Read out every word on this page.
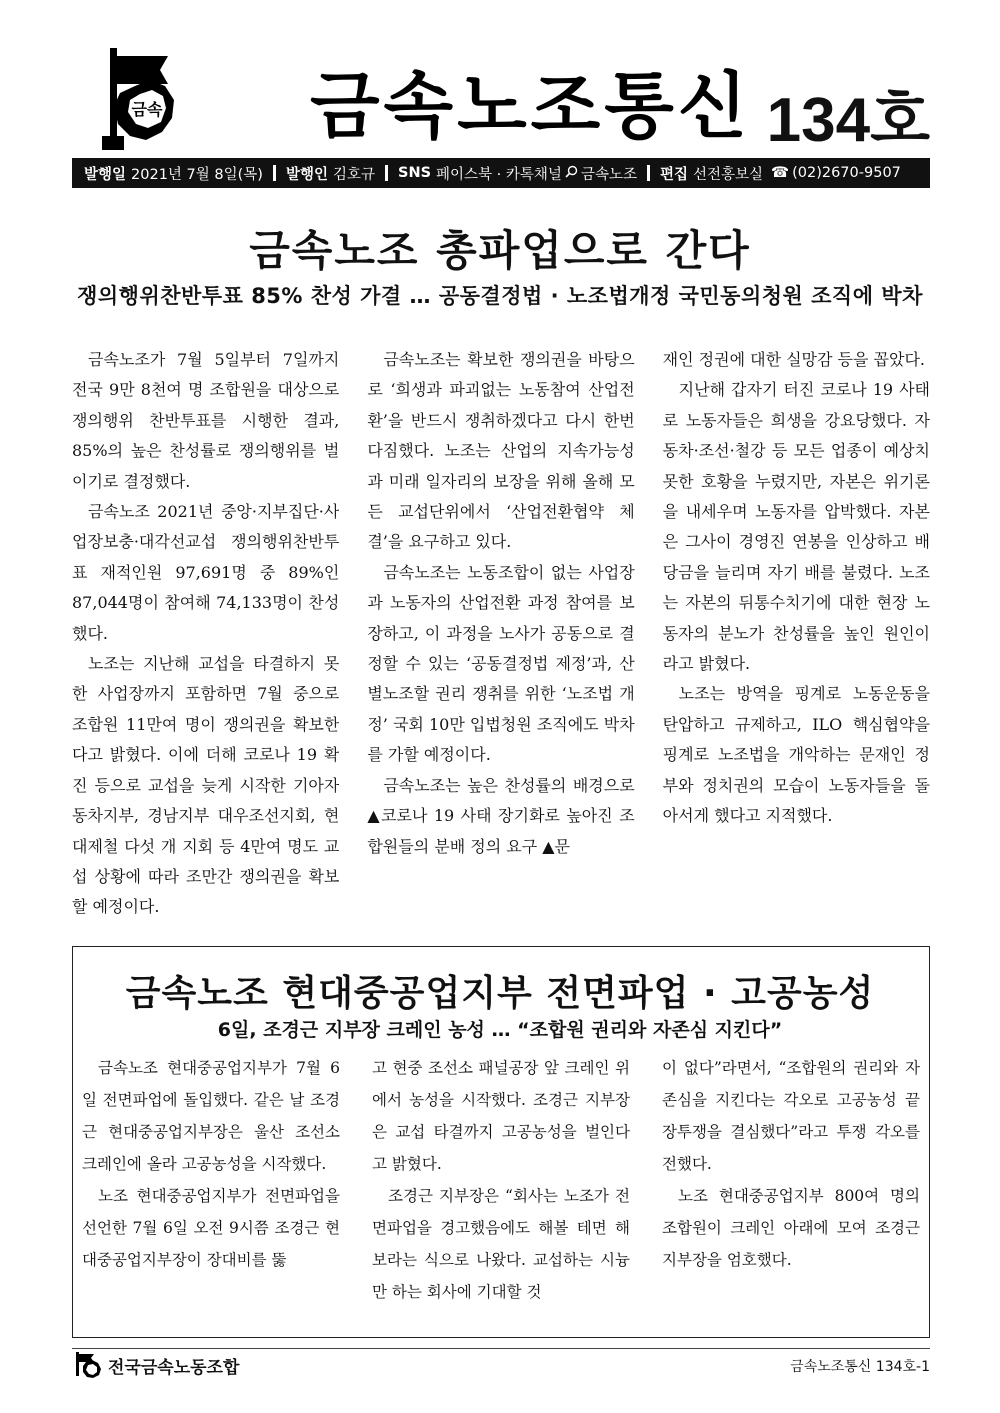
금속 금속노조통신 134호
발행일 2021년 7월 8일(목) 발행인 김호규 SNS 페이스북 · 카톡채널 금속노조 편집 선전홍보실 ☎ (02)2670-9507
금속노조 총파업으로 간다
쟁의행위찬반투표 85% 찬성 가결 … 공동결정법 · 노조법개정 국민동의청원 조직에 박차

금속노조가 7월 5일부터 7일까지 전국 9만 8천여 명 조합원을 대상으로 쟁의행위 찬반투표를 시행한 결과, 85%의 높은 찬성률로 쟁의행위를 벌이기로 결정했다.

금속노조 2021년 중앙·지부집단·사업장보충·대각선교섭 쟁의행위찬반투표 재적인원 97,691명 중 89%인 87,044명이 참여해 74,133명이 찬성했다.

노조는 지난해 교섭을 타결하지 못한 사업장까지 포함하면 7월 중으로 조합원 11만여 명이 쟁의권을 확보한다고 밝혔다. 이에 더해 코로나 19 확진 등으로 교섭을 늦게 시작한 기아자동차지부, 경남지부 대우조선지회, 현대제철 다섯 개 지회 등 4만여 명도 교섭 상황에 따라 조만간 쟁의권을 확보할 예정이다.

금속노조는 확보한 쟁의권을 바탕으로 ‘희생과 파괴없는 노동참여 산업전환’을 반드시 쟁취하겠다고 다시 한번 다짐했다. 노조는 산업의 지속가능성과 미래 일자리의 보장을 위해 올해 모든 교섭단위에서 ‘산업전환협약 체결’을 요구하고 있다.

금속노조는 노동조합이 없는 사업장과 노동자의 산업전환 과정 참여를 보장하고, 이 과정을 노사가 공동으로 결정할 수 있는 ‘공동결정법 제정’과, 산별노조할 권리 쟁취를 위한 ‘노조법 개정’ 국회 10만 입법청원 조직에도 박차를 가할 예정이다.

금속노조는 높은 찬성률의 배경으로 ▲코로나 19 사태 장기화로 높아진 조합원들의 분배 정의 요구 ▲문

재인 정권에 대한 실망감 등을 꼽았다.

지난해 갑자기 터진 코로나 19 사태로 노동자들은 희생을 강요당했다. 자동차·조선·철강 등 모든 업종이 예상치 못한 호황을 누렸지만, 자본은 위기론을 내세우며 노동자를 압박했다. 자본은 그사이 경영진 연봉을 인상하고 배당금을 늘리며 자기 배를 불렸다. 노조는 자본의 뒤통수치기에 대한 현장 노동자의 분노가 찬성률을 높인 원인이라고 밝혔다.

노조는 방역을 핑계로 노동운동을 탄압하고 규제하고, ILO 핵심협약을 핑계로 노조법을 개악하는 문재인 정부와 정치권의 모습이 노동자들을 돌아서게 했다고 지적했다.

금속노조 현대중공업지부 전면파업 · 고공농성
6일, 조경근 지부장 크레인 농성 … “조합원 권리와 자존심 지킨다”

금속노조 현대중공업지부가 7월 6일 전면파업에 돌입했다. 같은 날 조경근 현대중공업지부장은 울산 조선소 크레인에 올라 고공농성을 시작했다.

노조 현대중공업지부가 전면파업을 선언한 7월 6일 오전 9시쯤 조경근 현대중공업지부장이 장대비를 뚫

고 현중 조선소 패널공장 앞 크레인 위에서 농성을 시작했다. 조경근 지부장은 교섭 타결까지 고공농성을 벌인다고 밝혔다.

조경근 지부장은 “회사는 노조가 전면파업을 경고했음에도 해볼 테면 해보라는 식으로 나왔다. 교섭하는 시늉만 하는 회사에 기대할 것

이 없다”라면서, “조합원의 권리와 자존심을 지킨다는 각오로 고공농성 끝장투쟁을 결심했다”라고 투쟁 각오를 전했다.

노조 현대중공업지부 800여 명의 조합원이 크레인 아래에 모여 조경근 지부장을 엄호했다.

전국금속노동조합	금속노조통신 134호-1
